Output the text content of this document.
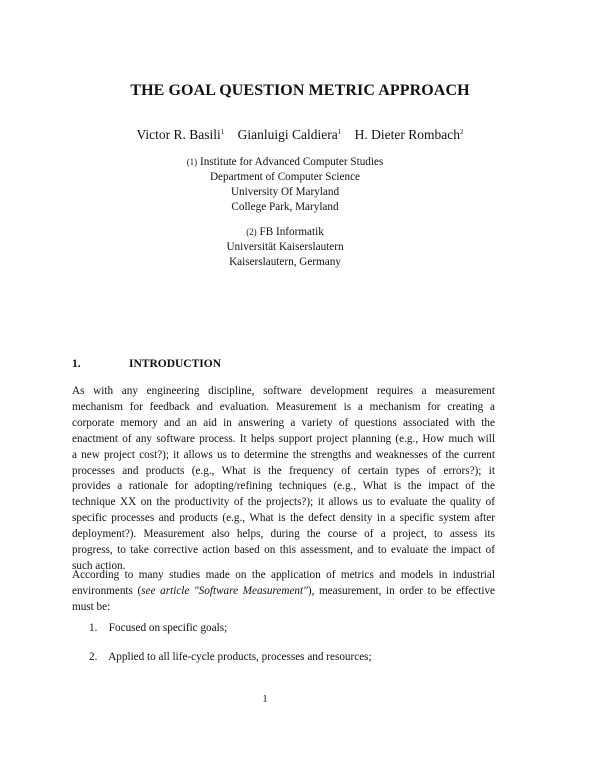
THE GOAL QUESTION METRIC APPROACH
Victor R. Basili$^1$ Gianluigi Caldiera$^1$ H. Dieter Rombach$^2$
(1) Institute for Advanced Computer Studies
Department of Computer Science
University Of Maryland
College Park, Maryland
(2) FB Informatik
Universität Kaiserslautern
Kaiserslautern, Germany
1.	INTRODUCTION
As with any engineering discipline, software development requires a measurement
mechanism for feedback and evaluation. Measurement is a mechanism for creating a
corporate memory and an aid in answering a variety of questions associated with the
enactment of any software process. It helps support project planning (e.g., How much will
a new project cost?); it allows us to determine the strengths and weaknesses of the current
processes and products (e.g., What is the frequency of certain types of errors?); it
provides a rationale for adopting/refining techniques (e.g., What is the impact of the
technique XX on the productivity of the projects?); it allows us to evaluate the quality of
specific processes and products (e.g., What is the defect density in a specific system after
deployment?). Measurement also helps, during the course of a project, to assess its
progress, to take corrective action based on this assessment, and to evaluate the impact of
such action.
According to many studies made on the application of metrics and models in industrial
environments (see article "Software Measurement"), measurement, in order to be effective
must be:
1. Focused on specific goals;
2. Applied to all life-cycle products, processes and resources;
1
